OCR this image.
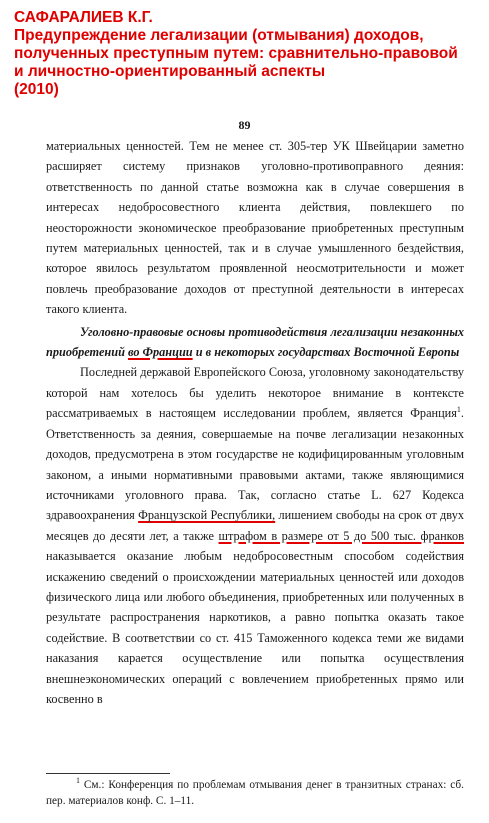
САФАРАЛИЕВ К.Г.
Предупреждение легализации (отмывания) доходов,
полученных преступным путем: сравнительно-правовой
и личностно-ориентированный аспекты
(2010)
89

материальных ценностей. Тем не менее ст. 305-тер УК Швейцарии заметно расширяет систему признаков уголовно-противоправного деяния: ответственность по данной статье возможна как в случае совершения в интересах недобросовестного клиента действия, повлекшего по неосторожности экономическое преобразование приобретенных преступным путем материальных ценностей, так и в случае умышленного бездействия, которое явилось результатом проявленной неосмотрительности и может повлечь преобразование доходов от преступной деятельности в интересах такого клиента.

Уголовно-правовые основы противодействия легализации незаконных приобретений во Франции и в некоторых государствах Восточной Европы

Последней державой Европейского Союза, уголовному законодательству которой нам хотелось бы уделить некоторое внимание в контексте рассматриваемых в настоящем исследовании проблем, является Франция$^1$. Ответственность за деяния, совершаемые на почве легализации незаконных доходов, предусмотрена в этом государстве не кодифицированным уголовным законом, а иными нормативными правовыми актами, также являющимися источниками уголовного права. Так, согласно статье L. 627 Кодекса здравоохранения Французской Республики, лишением свободы на срок от двух месяцев до десяти лет, а также штрафом в размере от 5 до 500 тыс. франков наказывается оказание любым недобросовестным способом содействия искажению сведений о происхождении материальных ценностей или доходов физического лица или любого объединения, приобретенных или полученных в результате распространения наркотиков, а равно попытка оказать такое содействие. В соответствии со ст. 415 Таможенного кодекса теми же видами наказания карается осуществление или попытка осуществления внешнеэкономических операций с вовлечением приобретенных прямо или косвенно в

$^1$ См.: Конференция по проблемам отмывания денег в транзитных странах: сб. пер. материалов конф. С. 1–11.
